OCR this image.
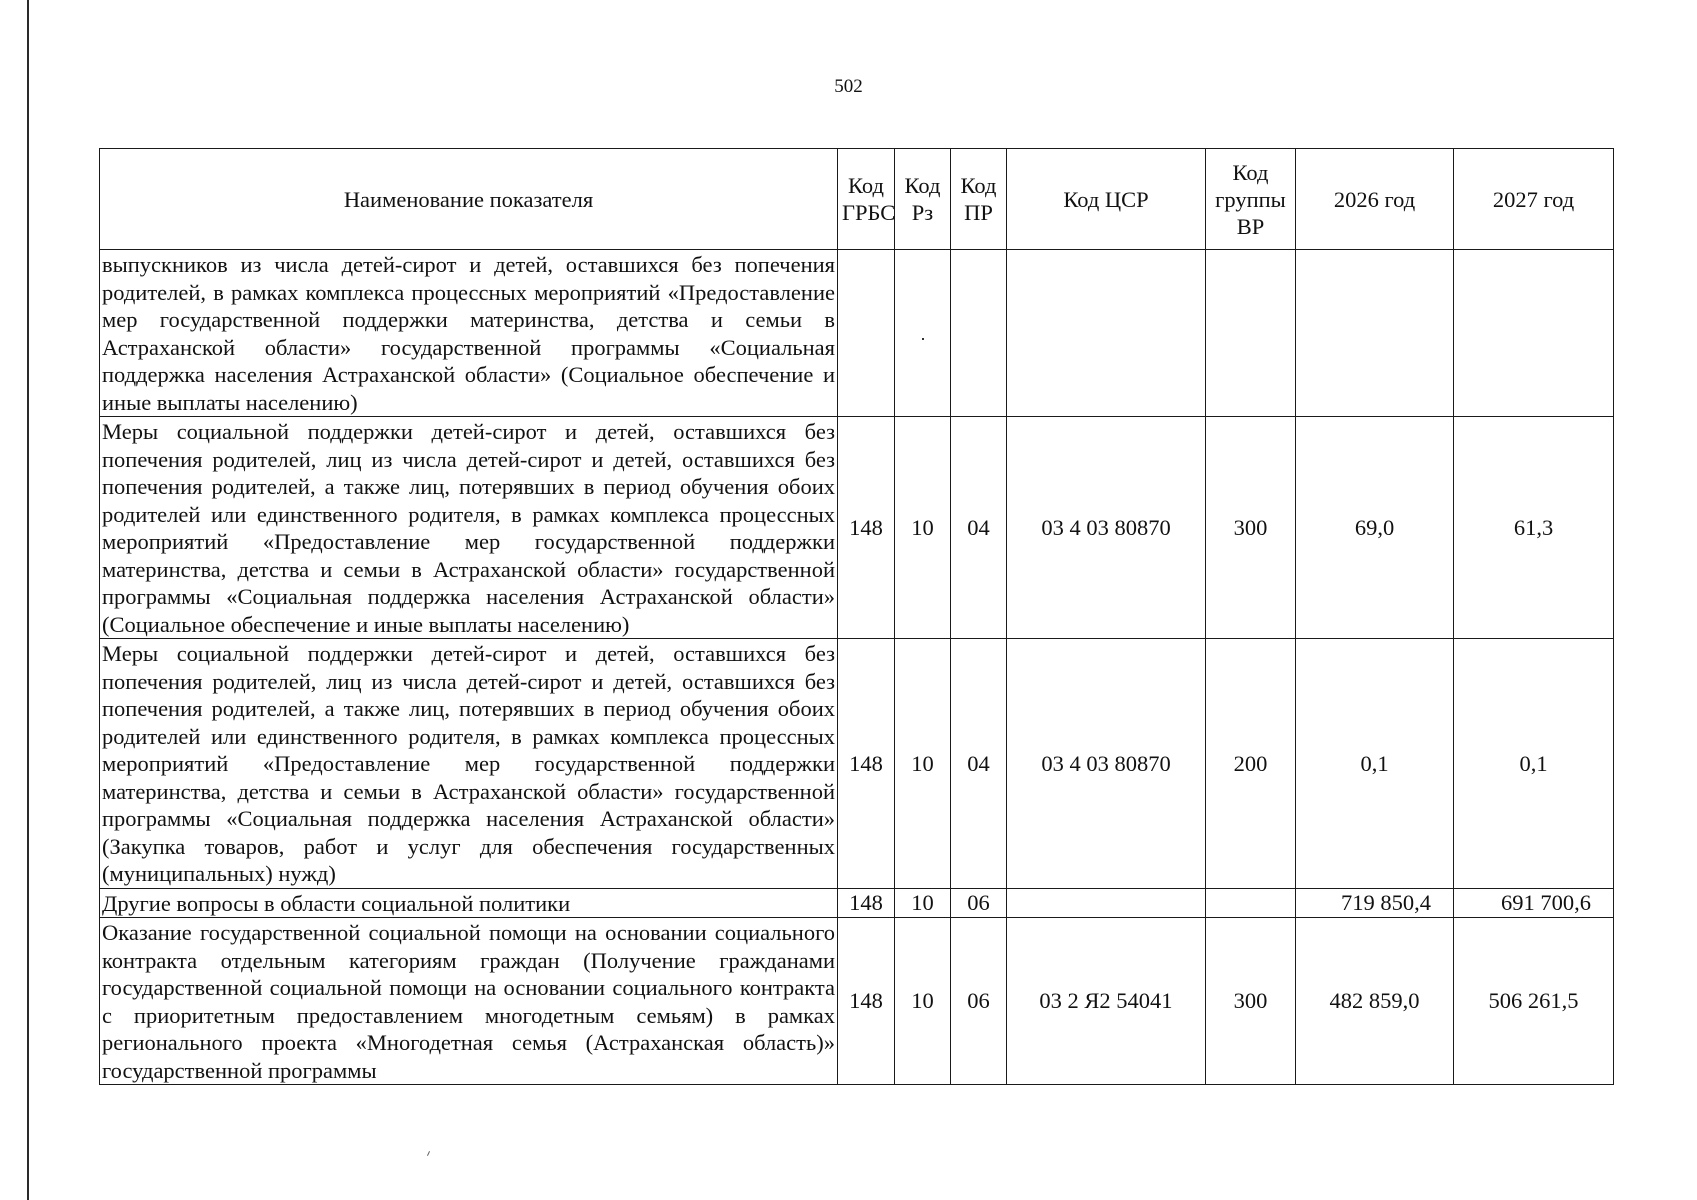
502
Наименование показателя	Код ГРБС	Код Рз	Код ПР	Код ЦСР	Код группы ВР	2026 год	2027 год
выпускников из числа детей-сирот и детей, оставшихся без попечения родителей, в рамках комплекса процессных мероприятий «Предоставление мер государственной поддержки материнства, детства и семьи в Астраханской области» государственной программы «Социальная поддержка населения Астраханской области» (Социальное обеспечение и иные выплаты населению)							
Меры социальной поддержки детей-сирот и детей, оставшихся без попечения родителей, лиц из числа детей-сирот и детей, оставшихся без попечения родителей, а также лиц, потерявших в период обучения обоих родителей или единственного родителя, в рамках комплекса процессных мероприятий «Предоставление мер государственной поддержки материнства, детства и семьи в Астраханской области» государственной программы «Социальная поддержка населения Астраханской области» (Социальное обеспечение и иные выплаты населению)	148	10	04	03 4 03 80870	300	69,0	61,3
Меры социальной поддержки детей-сирот и детей, оставшихся без попечения родителей, лиц из числа детей-сирот и детей, оставшихся без попечения родителей, а также лиц, потерявших в период обучения обоих родителей или единственного родителя, в рамках комплекса процессных мероприятий «Предоставление мер государственной поддержки материнства, детства и семьи в Астраханской области» государственной программы «Социальная поддержка населения Астраханской области» (Закупка товаров, работ и услуг для обеспечения государственных (муниципальных) нужд)	148	10	04	03 4 03 80870	200	0,1	0,1
Другие вопросы в области социальной политики	148	10	06			719 850,4	691 700,6
Оказание государственной социальной помощи на основании социального контракта отдельным категориям граждан (Получение гражданами государственной социальной помощи на основании социального контракта с приоритетным предоставлением многодетным семьям) в рамках регионального проекта «Многодетная семья (Астраханская область)» государственной программы	148	10	06	03 2 Я2 54041	300	482 859,0	506 261,5
